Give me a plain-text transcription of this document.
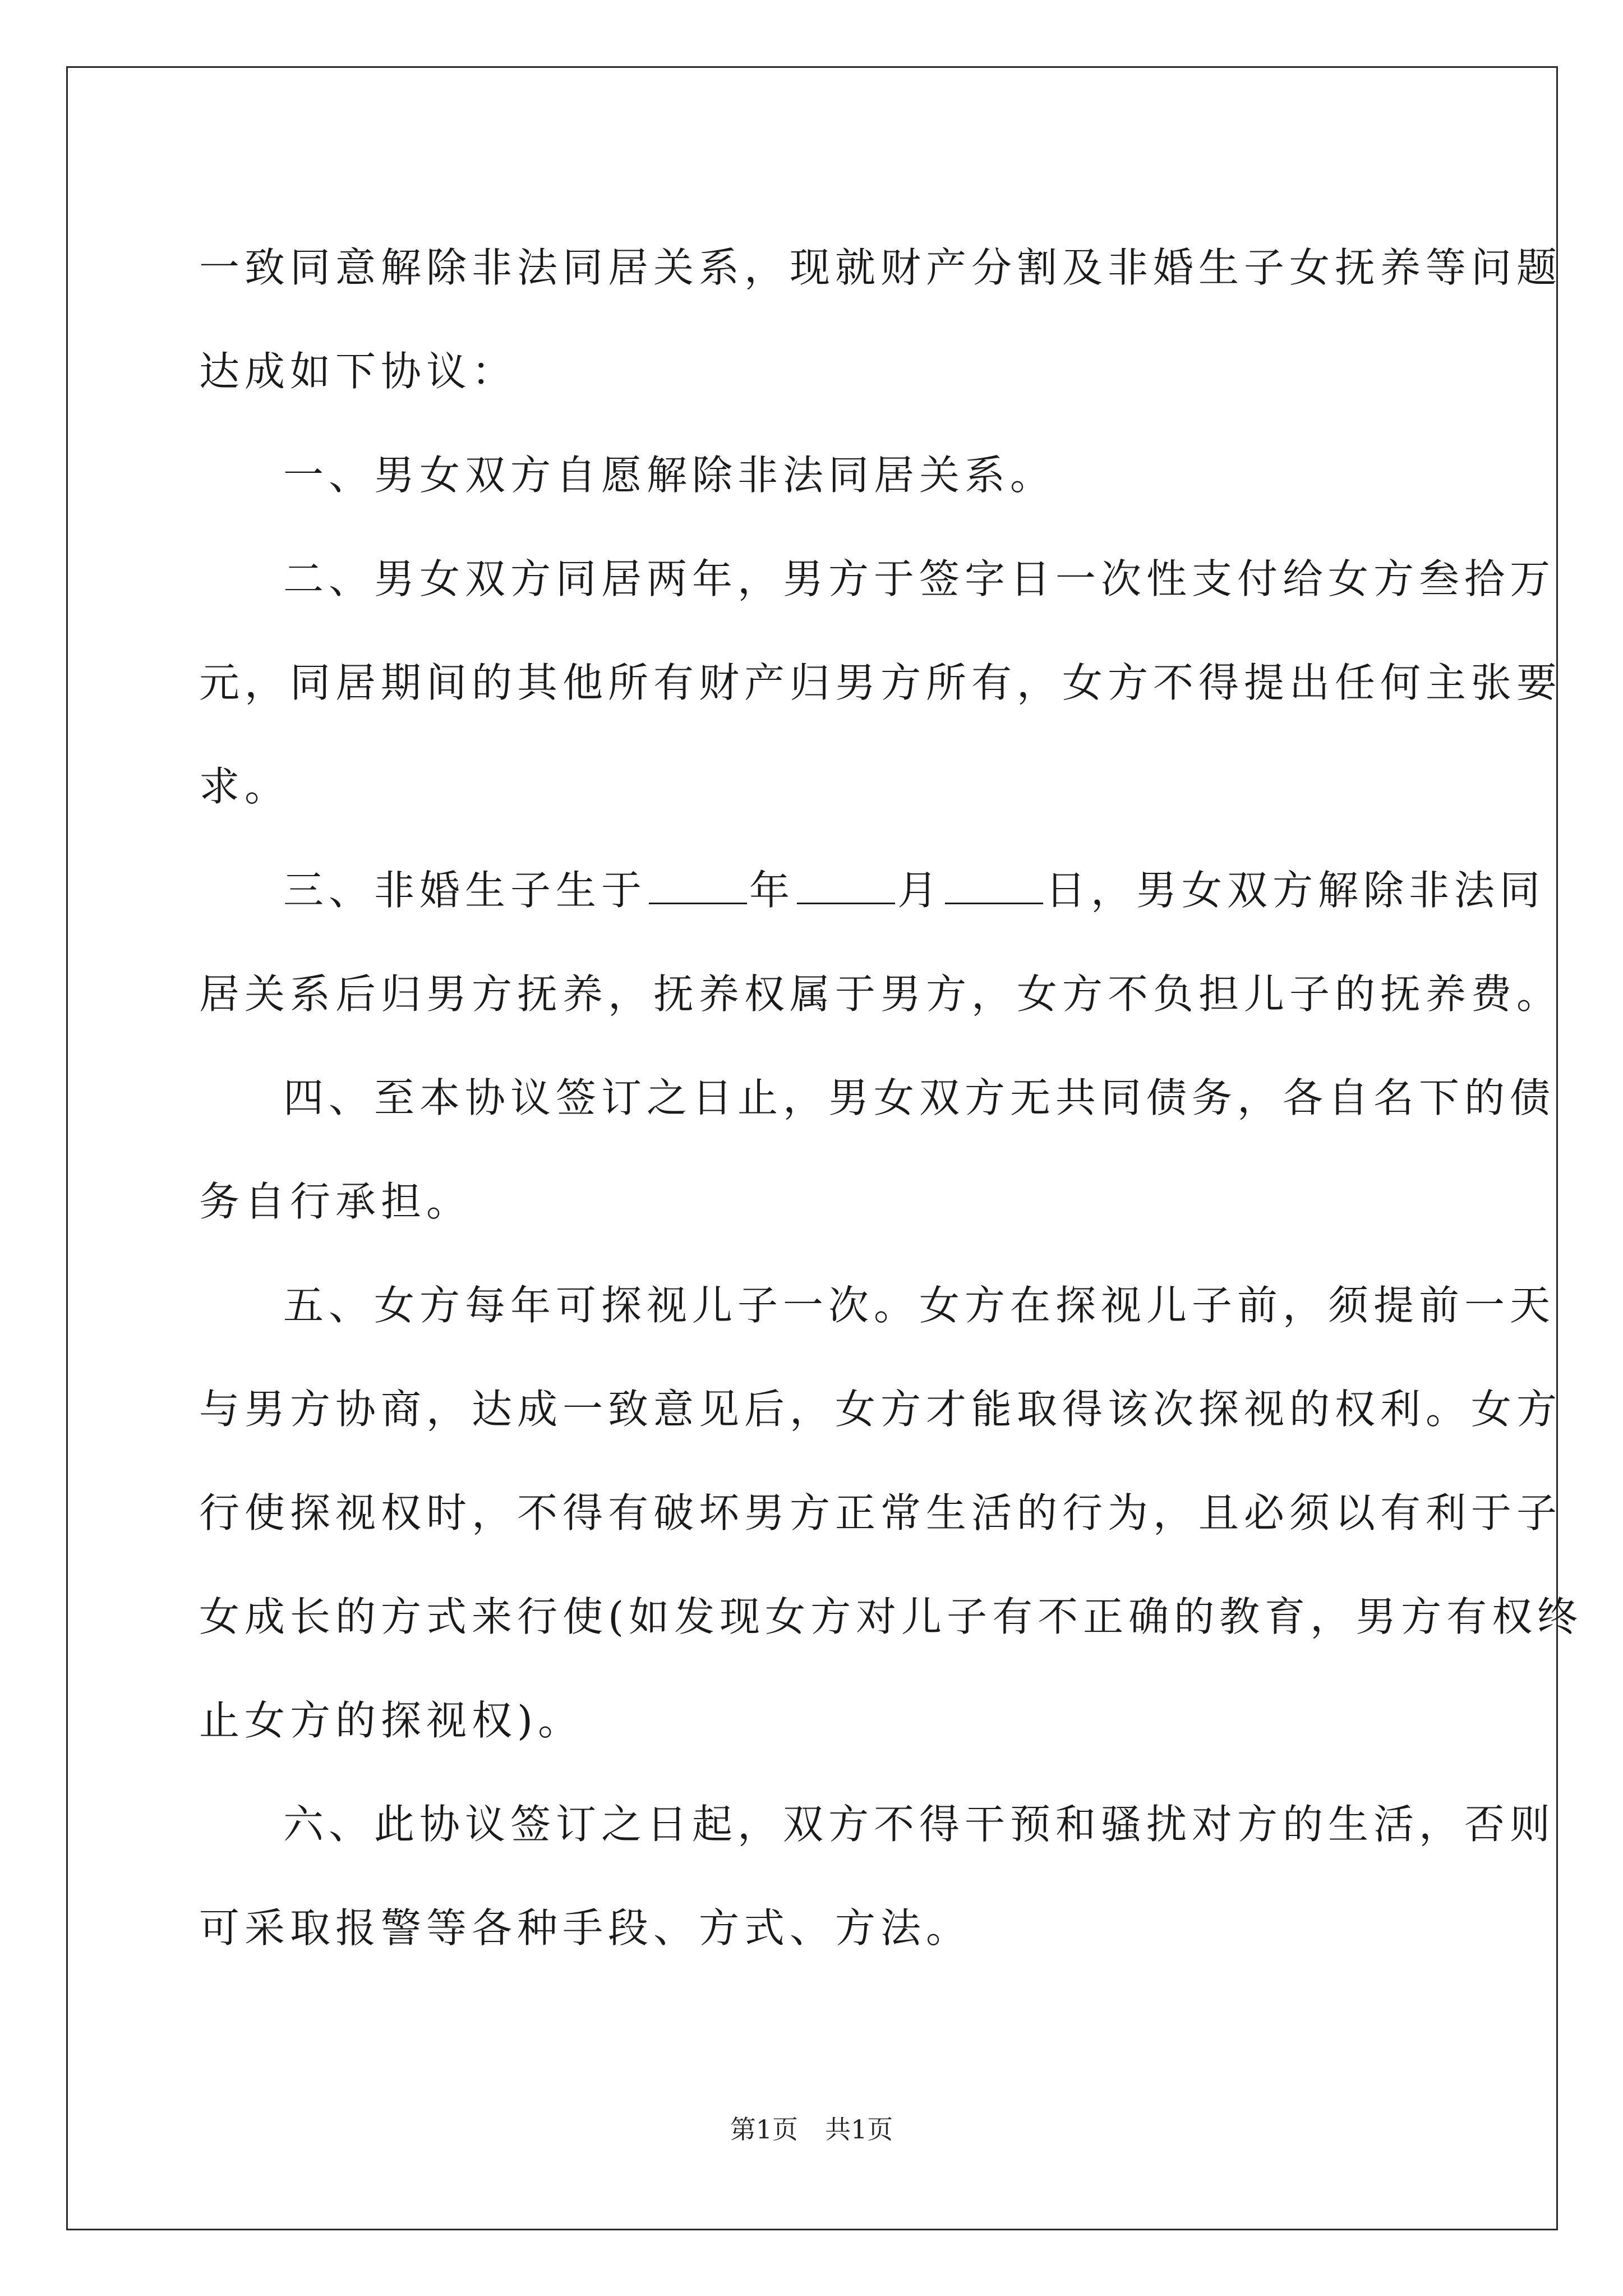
一致同意解除非法同居关系，现就财产分割及非婚生子女抚养等问题
达成如下协议：

一、男女双方自愿解除非法同居关系。

二、男女双方同居两年，男方于签字日一次性支付给女方叁拾万
元，同居期间的其他所有财产归男方所有，女方不得提出任何主张要
求。

三、非婚生子生于	年	月	日，男女双方解除非法同
居关系后归男方抚养，抚养权属于男方，女方不负担儿子的抚养费。

四、至本协议签订之日止，男女双方无共同债务，各自名下的债
务自行承担。

五、女方每年可探视儿子一次。女方在探视儿子前，须提前一天
与男方协商，达成一致意见后，女方才能取得该次探视的权利。女方
行使探视权时，不得有破坏男方正常生活的行为，且必须以有利于子
女成长的方式来行使(如发现女方对儿子有不正确的教育，男方有权终
止女方的探视权)。

六、此协议签订之日起，双方不得干预和骚扰对方的生活，否则
可采取报警等各种手段、方式、方法。

第1页 共1页
